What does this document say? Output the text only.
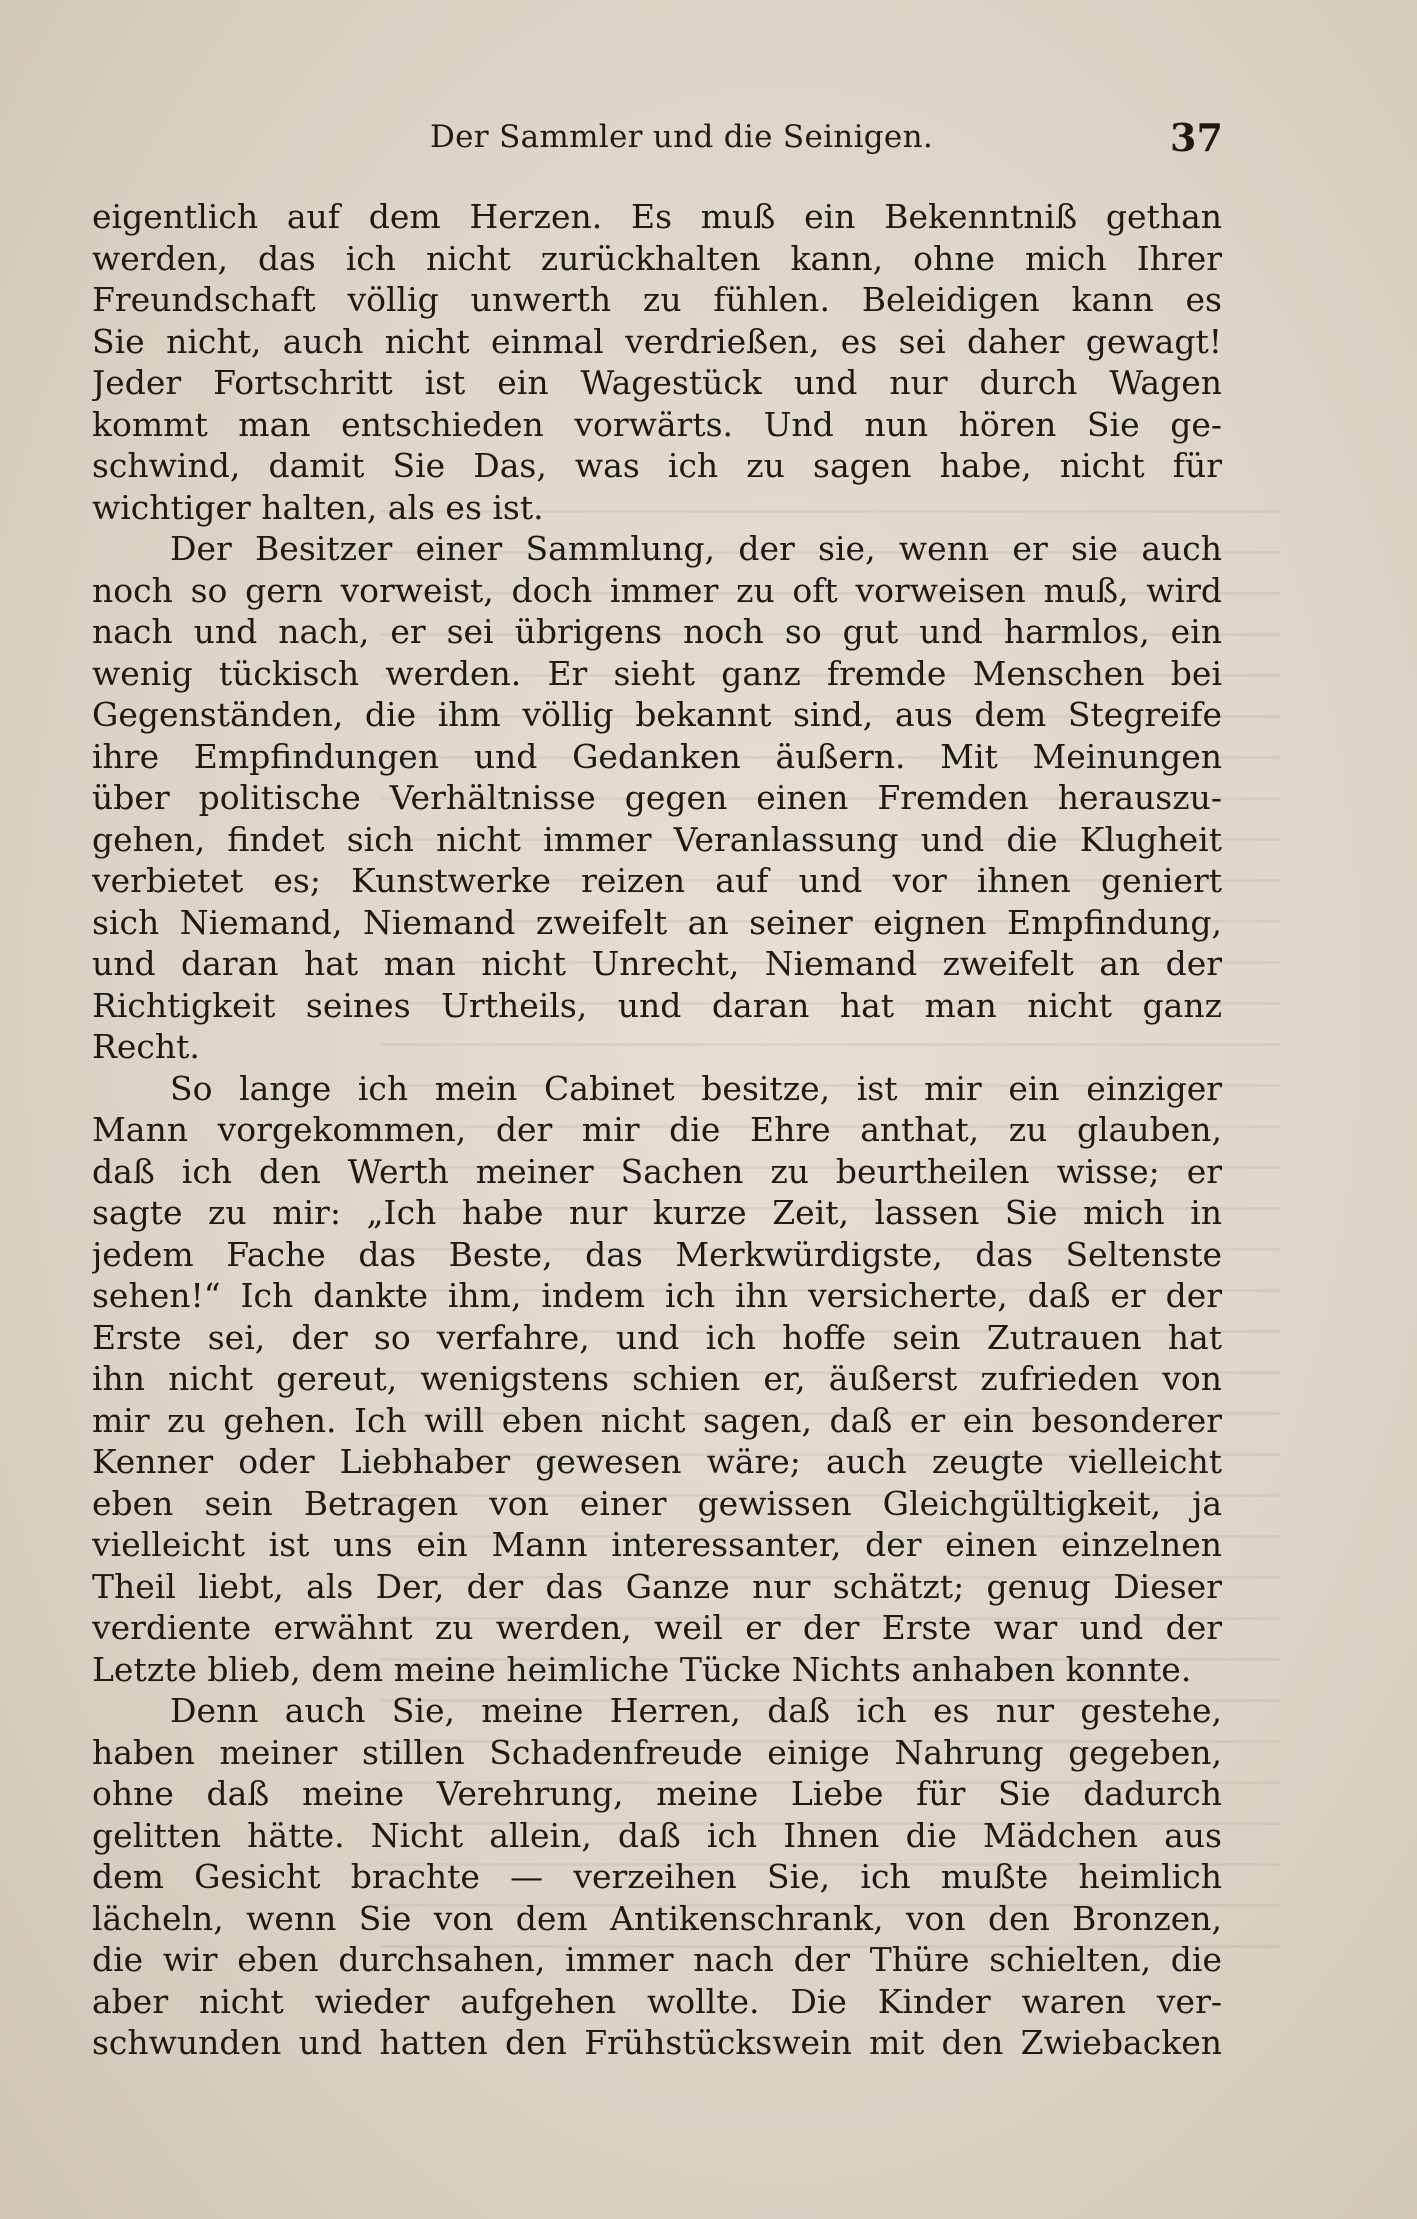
Der Sammler und die Seinigen.	37
eigentlich auf dem Herzen. Es muß ein Bekenntniß gethan
werden, das ich nicht zurückhalten kann, ohne mich Ihrer
Freundschaft völlig unwerth zu fühlen. Beleidigen kann es
Sie nicht, auch nicht einmal verdrießen, es sei daher gewagt!
Jeder Fortschritt ist ein Wagestück und nur durch Wagen
kommt man entschieden vorwärts. Und nun hören Sie ge-
schwind, damit Sie Das, was ich zu sagen habe, nicht für
wichtiger halten, als es ist.
Der Besitzer einer Sammlung, der sie, wenn er sie auch
noch so gern vorweist, doch immer zu oft vorweisen muß, wird
nach und nach, er sei übrigens noch so gut und harmlos, ein
wenig tückisch werden. Er sieht ganz fremde Menschen bei
Gegenständen, die ihm völlig bekannt sind, aus dem Stegreife
ihre Empfindungen und Gedanken äußern. Mit Meinungen
über politische Verhältnisse gegen einen Fremden herauszu-
gehen, findet sich nicht immer Veranlassung und die Klugheit
verbietet es; Kunstwerke reizen auf und vor ihnen geniert
sich Niemand, Niemand zweifelt an seiner eignen Empfindung,
und daran hat man nicht Unrecht, Niemand zweifelt an der
Richtigkeit seines Urtheils, und daran hat man nicht ganz
Recht.
So lange ich mein Cabinet besitze, ist mir ein einziger
Mann vorgekommen, der mir die Ehre anthat, zu glauben,
daß ich den Werth meiner Sachen zu beurtheilen wisse; er
sagte zu mir: „Ich habe nur kurze Zeit, lassen Sie mich in
jedem Fache das Beste, das Merkwürdigste, das Seltenste
sehen!“ Ich dankte ihm, indem ich ihn versicherte, daß er der
Erste sei, der so verfahre, und ich hoffe sein Zutrauen hat
ihn nicht gereut, wenigstens schien er, äußerst zufrieden von
mir zu gehen. Ich will eben nicht sagen, daß er ein besonderer
Kenner oder Liebhaber gewesen wäre; auch zeugte vielleicht
eben sein Betragen von einer gewissen Gleichgültigkeit, ja
vielleicht ist uns ein Mann interessanter, der einen einzelnen
Theil liebt, als Der, der das Ganze nur schätzt; genug Dieser
verdiente erwähnt zu werden, weil er der Erste war und der
Letzte blieb, dem meine heimliche Tücke Nichts anhaben konnte.
Denn auch Sie, meine Herren, daß ich es nur gestehe,
haben meiner stillen Schadenfreude einige Nahrung gegeben,
ohne daß meine Verehrung, meine Liebe für Sie dadurch
gelitten hätte. Nicht allein, daß ich Ihnen die Mädchen aus
dem Gesicht brachte — verzeihen Sie, ich mußte heimlich
lächeln, wenn Sie von dem Antikenschrank, von den Bronzen,
die wir eben durchsahen, immer nach der Thüre schielten, die
aber nicht wieder aufgehen wollte. Die Kinder waren ver-
schwunden und hatten den Frühstückswein mit den Zwiebacken
